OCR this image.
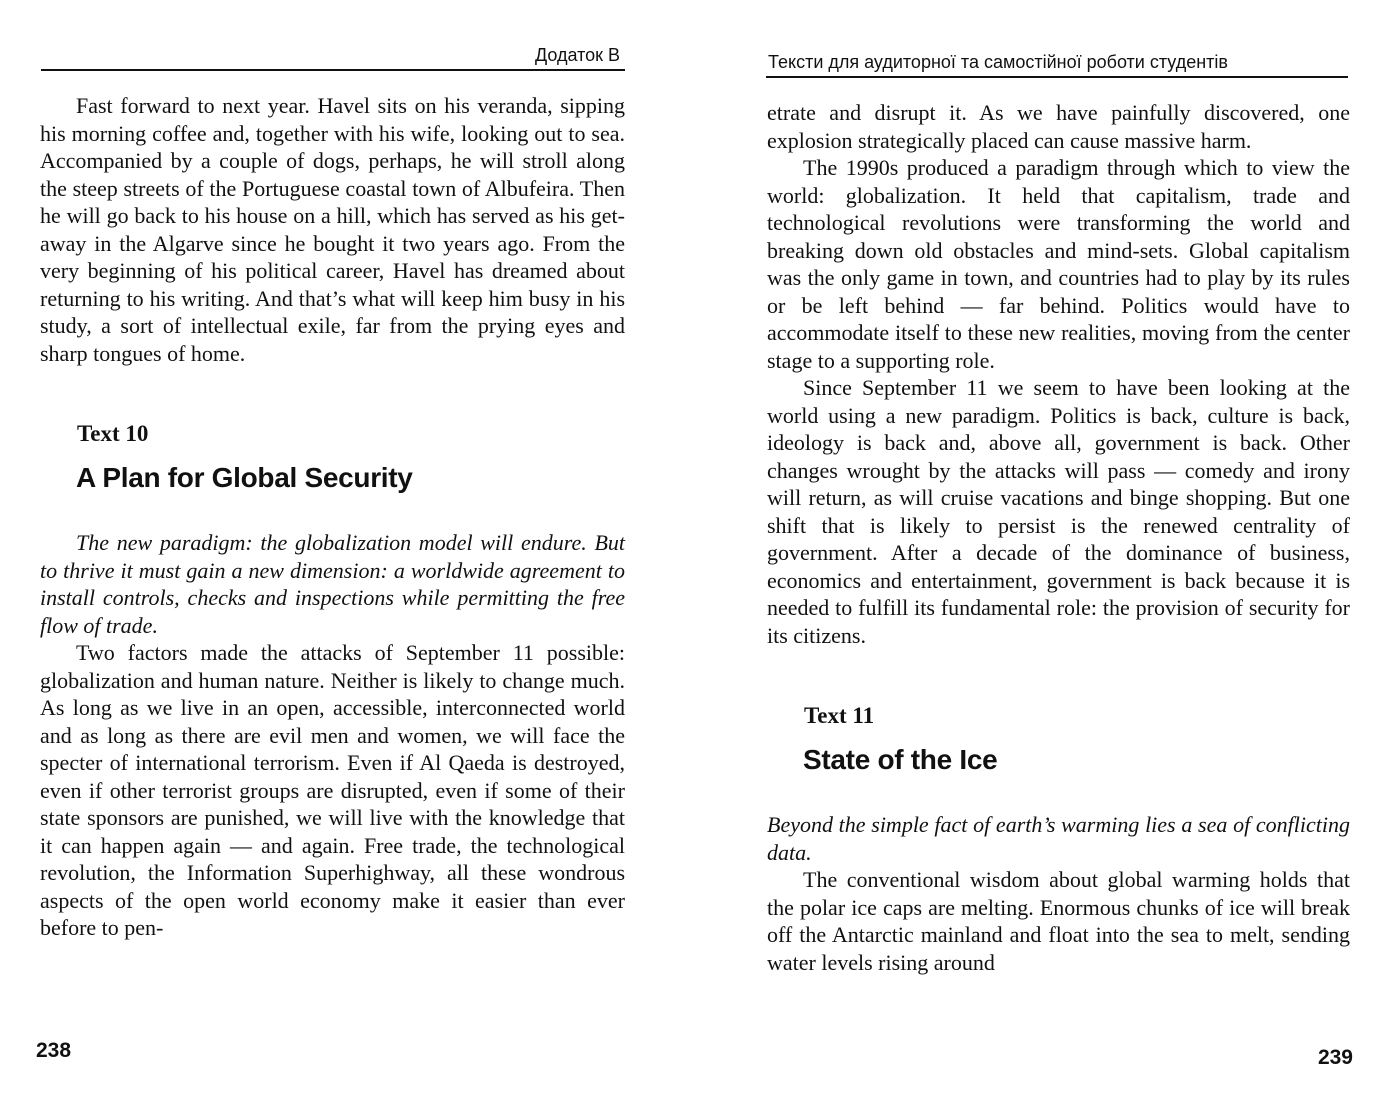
Додаток В

Fast forward to next year. Havel sits on his veranda, sipping his morning coffee and, together with his wife, looking out to sea. Accompanied by a couple of dogs, perhaps, he will stroll along the steep streets of the Portuguese coastal town of Albufeira. Then he will go back to his house on a hill, which has served as his get-away in the Algarve since he bought it two years ago. From the very beginning of his political career, Havel has dreamed about returning to his writing. And that’s what will keep him busy in his study, a sort of intellectual exile, far from the prying eyes and sharp tongues of home.

Text 10
A Plan for Global Security

The new paradigm: the globalization model will endure. But to thrive it must gain a new dimension: a worldwide agreement to install controls, checks and inspections while permitting the free flow of trade.

Two factors made the attacks of September 11 possible: globalization and human nature. Neither is likely to change much. As long as we live in an open, accessible, interconnected world and as long as there are evil men and women, we will face the specter of international terrorism. Even if Al Qaeda is destroyed, even if other terrorist groups are disrupted, even if some of their state sponsors are punished, we will live with the knowledge that it can happen again — and again. Free trade, the technological revolution, the Information Superhighway, all these wondrous aspects of the open world economy make it easier than ever before to pen-

238
Тексти для аудиторної та самостійної роботи студентів

etrate and disrupt it. As we have painfully discovered, one explosion strategically placed can cause massive harm.

The 1990s produced a paradigm through which to view the world: globalization. It held that capitalism, trade and technological revolutions were transforming the world and breaking down old obstacles and mind-sets. Global capitalism was the only game in town, and countries had to play by its rules or be left behind — far behind. Politics would have to accommodate itself to these new realities, moving from the center stage to a supporting role.

Since September 11 we seem to have been looking at the world using a new paradigm. Politics is back, culture is back, ideology is back and, above all, government is back. Other changes wrought by the attacks will pass — comedy and irony will return, as will cruise vacations and binge shopping. But one shift that is likely to persist is the renewed centrality of government. After a decade of the dominance of business, economics and entertainment, government is back because it is needed to fulfill its fundamental role: the provision of security for its citizens.

Text 11
State of the Ice

Beyond the simple fact of earth’s warming lies a sea of conflicting data.

The conventional wisdom about global warming holds that the polar ice caps are melting. Enormous chunks of ice will break off the Antarctic mainland and float into the sea to melt, sending water levels rising around

239
